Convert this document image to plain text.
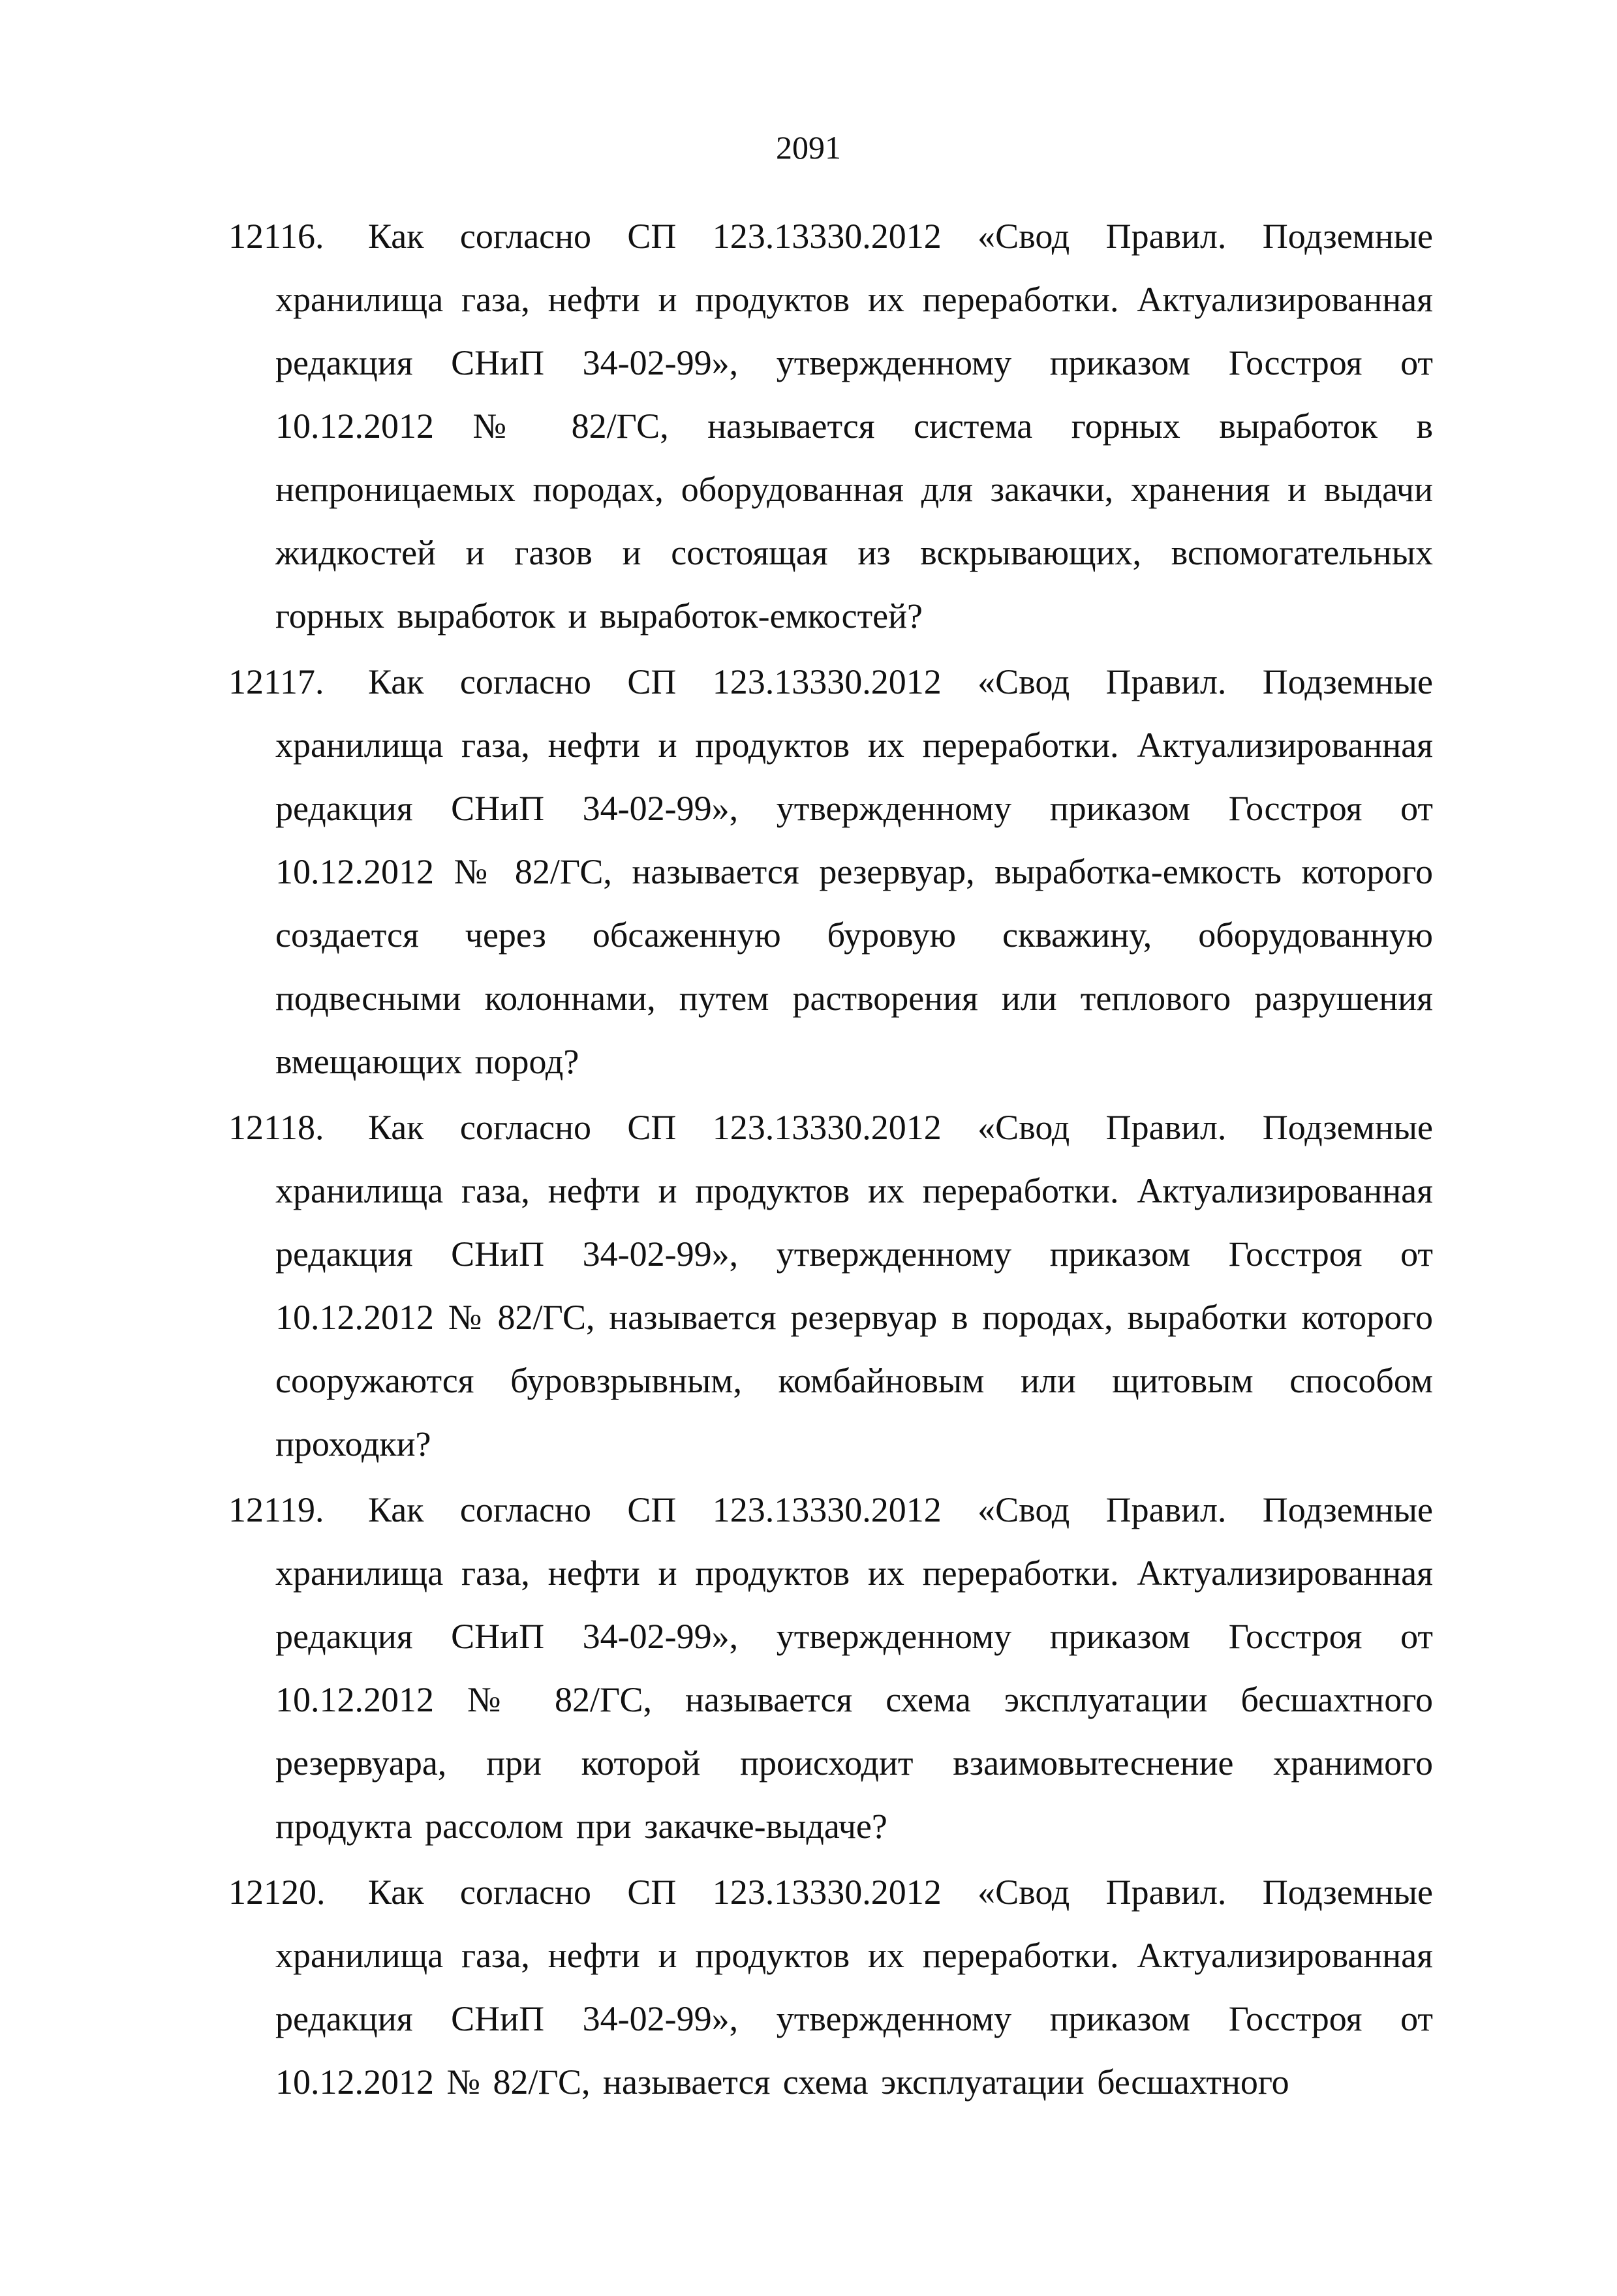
2091
12116.	Как согласно СП 123.13330.2012 «Свод Правил. Подземные хранилища газа, нефти и продуктов их переработки. Актуализированная редакция СНиП 34-02-99», утвержденному приказом Госстроя от 10.12.2012 № 82/ГС, называется система горных выработок в непроницаемых породах, оборудованная для закачки, хранения и выдачи жидкостей и газов и состоящая из вскрывающих, вспомогательных горных выработок и выработок-емкостей?
12117.	Как согласно СП 123.13330.2012 «Свод Правил. Подземные хранилища газа, нефти и продуктов их переработки. Актуализированная редакция СНиП 34-02-99», утвержденному приказом Госстроя от 10.12.2012 № 82/ГС, называется резервуар, выработка-емкость которого создается через обсаженную буровую скважину, оборудованную подвесными колоннами, путем растворения или теплового разрушения вмещающих пород?
12118.	Как согласно СП 123.13330.2012 «Свод Правил. Подземные хранилища газа, нефти и продуктов их переработки. Актуализированная редакция СНиП 34-02-99», утвержденному приказом Госстроя от 10.12.2012 № 82/ГС, называется резервуар в породах, выработки которого сооружаются буровзрывным, комбайновым или щитовым способом проходки?
12119.	Как согласно СП 123.13330.2012 «Свод Правил. Подземные хранилища газа, нефти и продуктов их переработки. Актуализированная редакция СНиП 34-02-99», утвержденному приказом Госстроя от 10.12.2012 № 82/ГС, называется схема эксплуатации бесшахтного резервуара, при которой происходит взаимовытеснение хранимого продукта рассолом при закачке-выдаче?
12120.	Как согласно СП 123.13330.2012 «Свод Правил. Подземные хранилища газа, нефти и продуктов их переработки. Актуализированная редакция СНиП 34-02-99», утвержденному приказом Госстроя от 10.12.2012 № 82/ГС, называется схема эксплуатации бесшахтного
